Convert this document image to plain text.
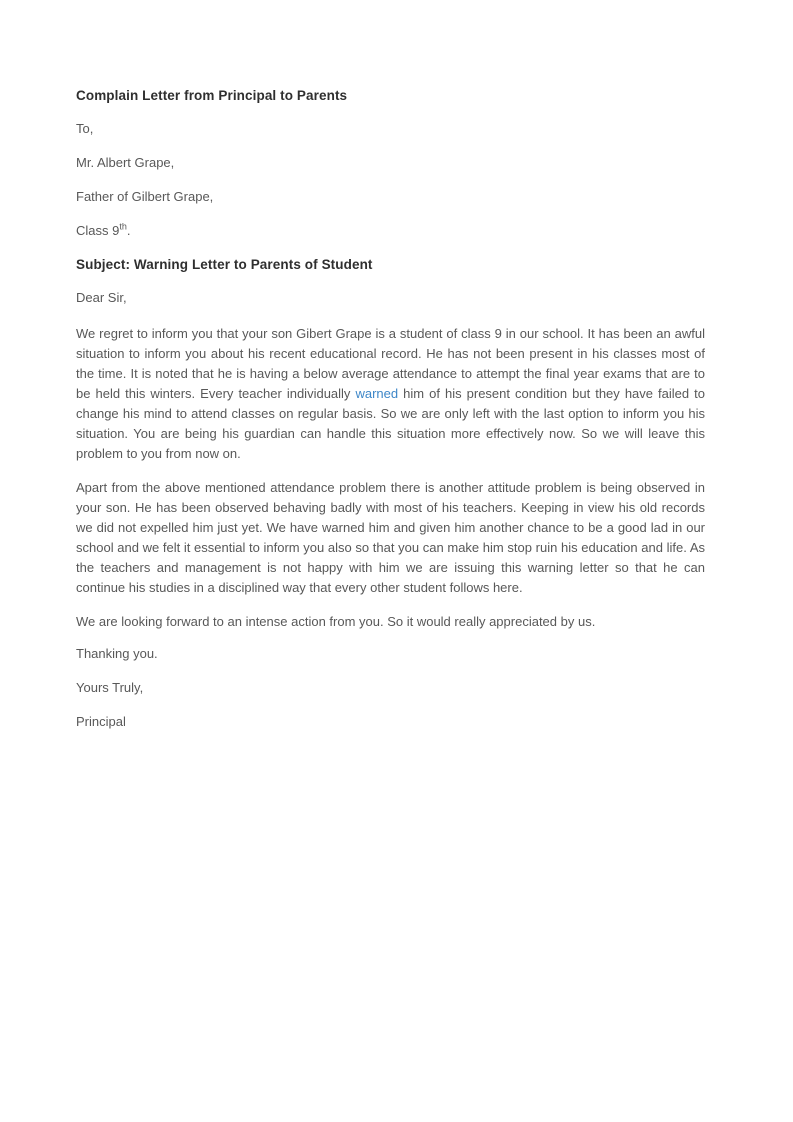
Complain Letter from Principal to Parents

To,

Mr. Albert Grape,

Father of Gilbert Grape,

Class 9th.

Subject: Warning Letter to Parents of Student

Dear Sir,

We regret to inform you that your son Gibert Grape is a student of class 9 in our school. It has been an awful situation to inform you about his recent educational record. He has not been present in his classes most of the time. It is noted that he is having a below average attendance to attempt the final year exams that are to be held this winters. Every teacher individually warned him of his present condition but they have failed to change his mind to attend classes on regular basis. So we are only left with the last option to inform you his situation. You are being his guardian can handle this situation more effectively now. So we will leave this problem to you from now on.

Apart from the above mentioned attendance problem there is another attitude problem is being observed in your son. He has been observed behaving badly with most of his teachers. Keeping in view his old records we did not expelled him just yet. We have warned him and given him another chance to be a good lad in our school and we felt it essential to inform you also so that you can make him stop ruin his education and life. As the teachers and management is not happy with him we are issuing this warning letter so that he can continue his studies in a disciplined way that every other student follows here.

We are looking forward to an intense action from you. So it would really appreciated by us.

Thanking you.

Yours Truly,

Principal
